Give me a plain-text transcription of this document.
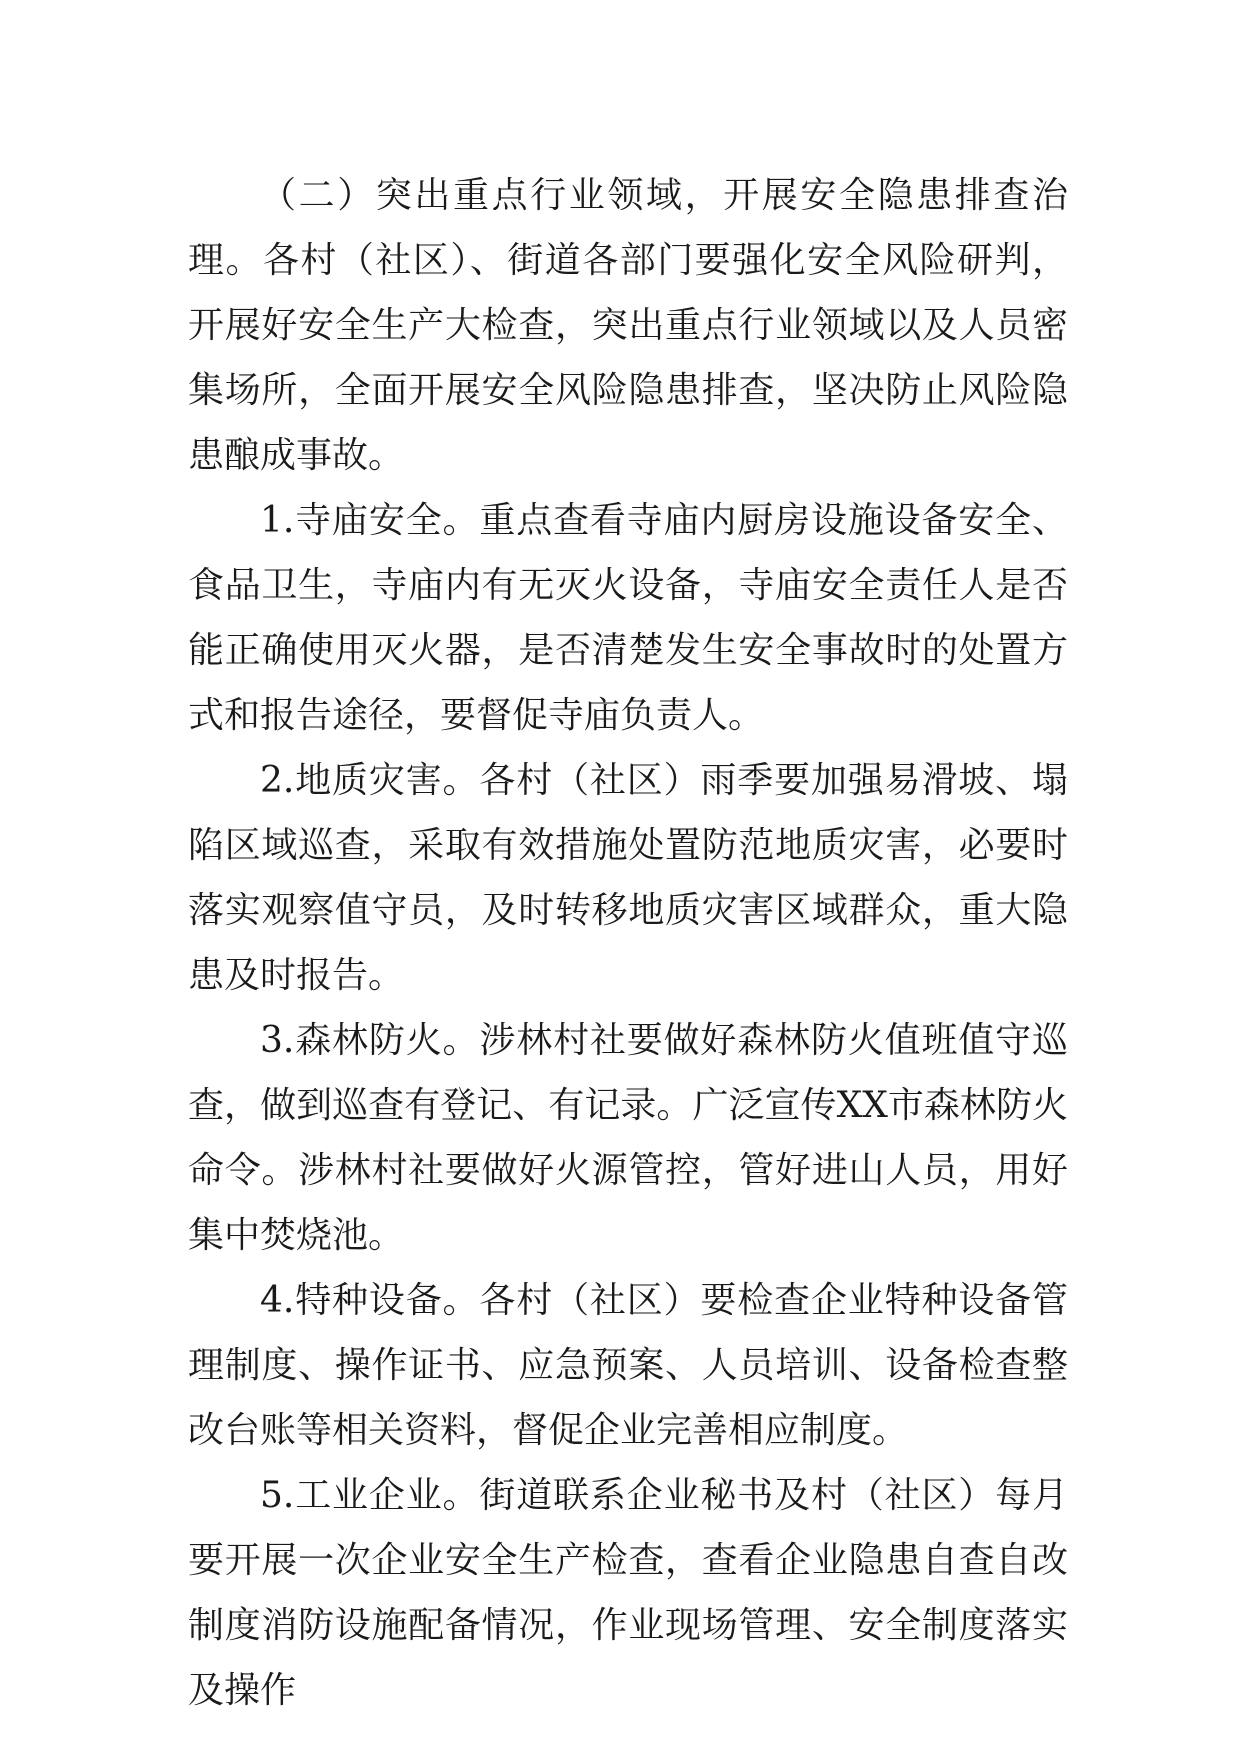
（二）突出重点行业领域，开展安全隐患排查治理。各村（社区）、街道各部门要强化安全风险研判，开展好安全生产大检查，突出重点行业领域以及人员密集场所，全面开展安全风险隐患排查，坚决防止风险隐患酿成事故。

1.寺庙安全。重点查看寺庙内厨房设施设备安全、食品卫生，寺庙内有无灭火设备，寺庙安全责任人是否能正确使用灭火器，是否清楚发生安全事故时的处置方式和报告途径，要督促寺庙负责人。

2.地质灾害。各村（社区）雨季要加强易滑坡、塌陷区域巡查，采取有效措施处置防范地质灾害，必要时落实观察值守员，及时转移地质灾害区域群众，重大隐患及时报告。

3.森林防火。涉林村社要做好森林防火值班值守巡查，做到巡查有登记、有记录。广泛宣传XX市森林防火命令。涉林村社要做好火源管控，管好进山人员，用好集中焚烧池。

4.特种设备。各村（社区）要检查企业特种设备管理制度、操作证书、应急预案、人员培训、设备检查整改台账等相关资料，督促企业完善相应制度。

5.工业企业。街道联系企业秘书及村（社区）每月要开展一次企业安全生产检查，查看企业隐患自查自改制度消防设施配备情况，作业现场管理、安全制度落实及操作
